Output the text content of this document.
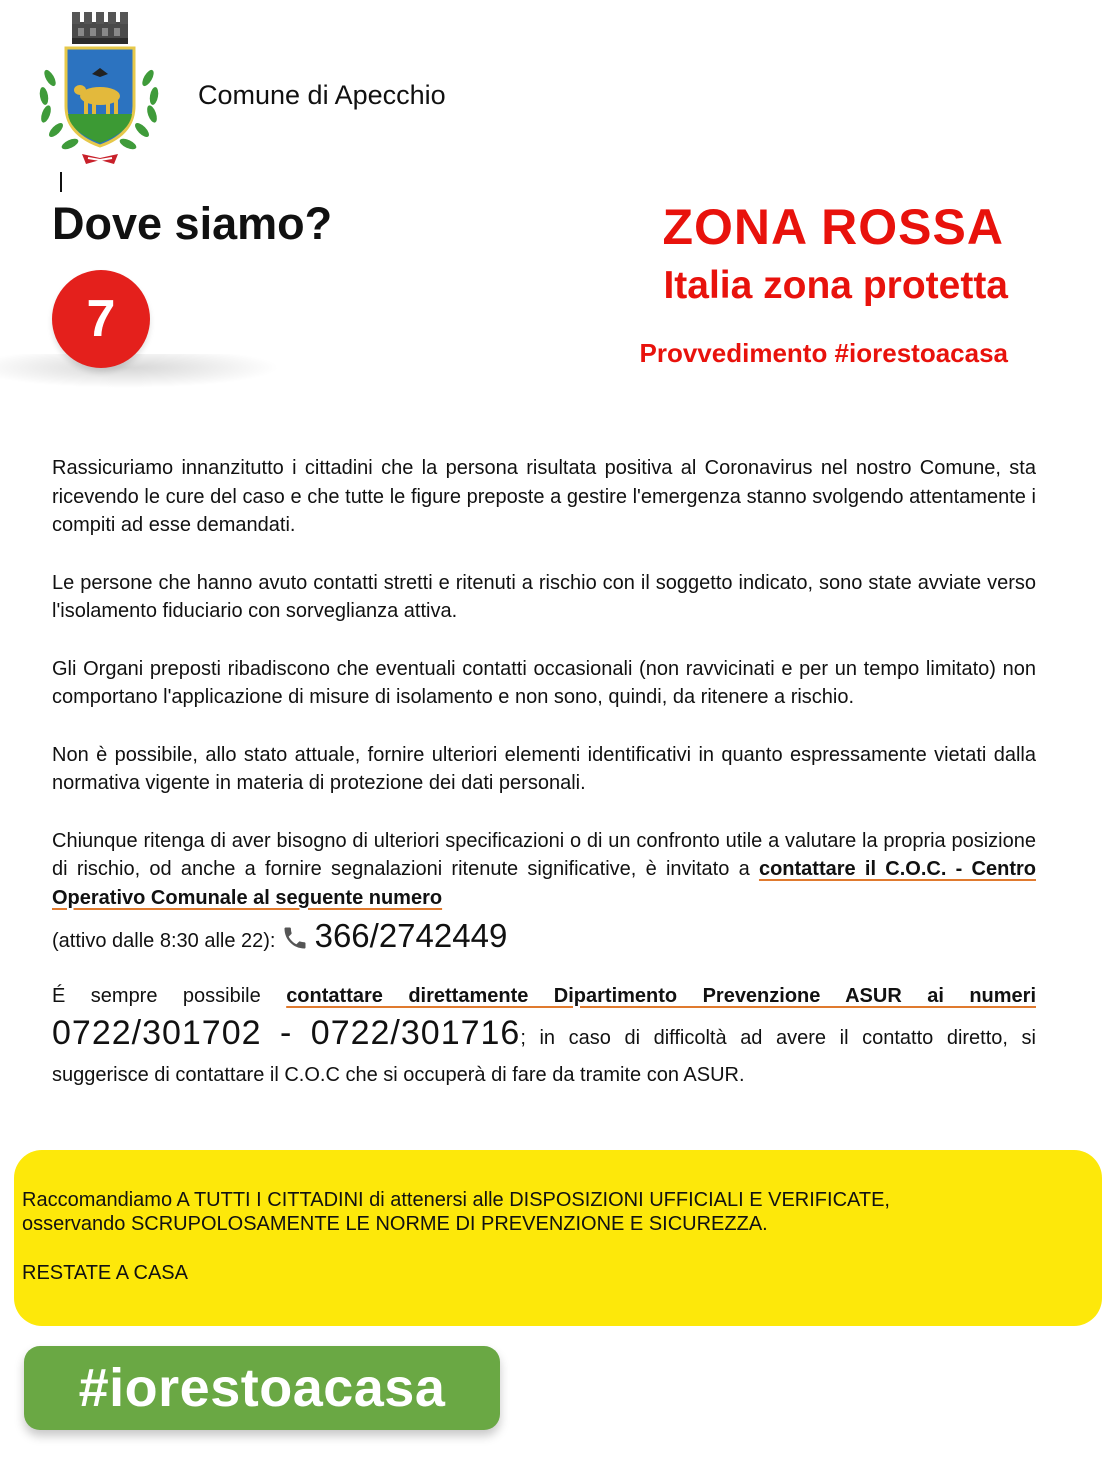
Comune di Apecchio
Dove siamo?
7
ZONA ROSSA
Italia zona protetta
Provvedimento #iorestoacasa

Rassicuriamo innanzitutto i cittadini che la persona risultata positiva al Coronavirus nel nostro Comune, sta ricevendo le cure del caso e che tutte le figure preposte a gestire l'emergenza stanno svolgendo attentamente i compiti ad esse demandati.

Le persone che hanno avuto contatti stretti e ritenuti a rischio con il soggetto indicato, sono state avviate verso l'isolamento fiduciario con sorveglianza attiva.

Gli Organi preposti ribadiscono che eventuali contatti occasionali (non ravvicinati e per un tempo limitato) non comportano l'applicazione di misure di isolamento e non sono, quindi, da ritenere a rischio.

Non è possibile, allo stato attuale, fornire ulteriori elementi identificativi in quanto espressamente vietati dalla normativa vigente in materia di protezione dei dati personali.

Chiunque ritenga di aver bisogno di ulteriori specificazioni o di un confronto utile a valutare la propria posizione di rischio, od anche a fornire segnalazioni ritenute significative, è invitato a contattare il C.O.C. - Centro Operativo Comunale al seguente numero

(attivo dalle 8:30 alle 22): 366/2742449

É sempre possibile contattare direttamente Dipartimento Prevenzione ASUR ai numeri 0722/301702 - 0722/301716; in caso di difficoltà ad avere il contatto diretto, si suggerisce di contattare il C.O.C che si occuperà di fare da tramite con ASUR.

Raccomandiamo A TUTTI I CITTADINI di attenersi alle DISPOSIZIONI UFFICIALI E VERIFICATE,

osservando SCRUPOLOSAMENTE LE NORME DI PREVENZIONE E SICUREZZA.

RESTATE A CASA
#iorestoacasa
